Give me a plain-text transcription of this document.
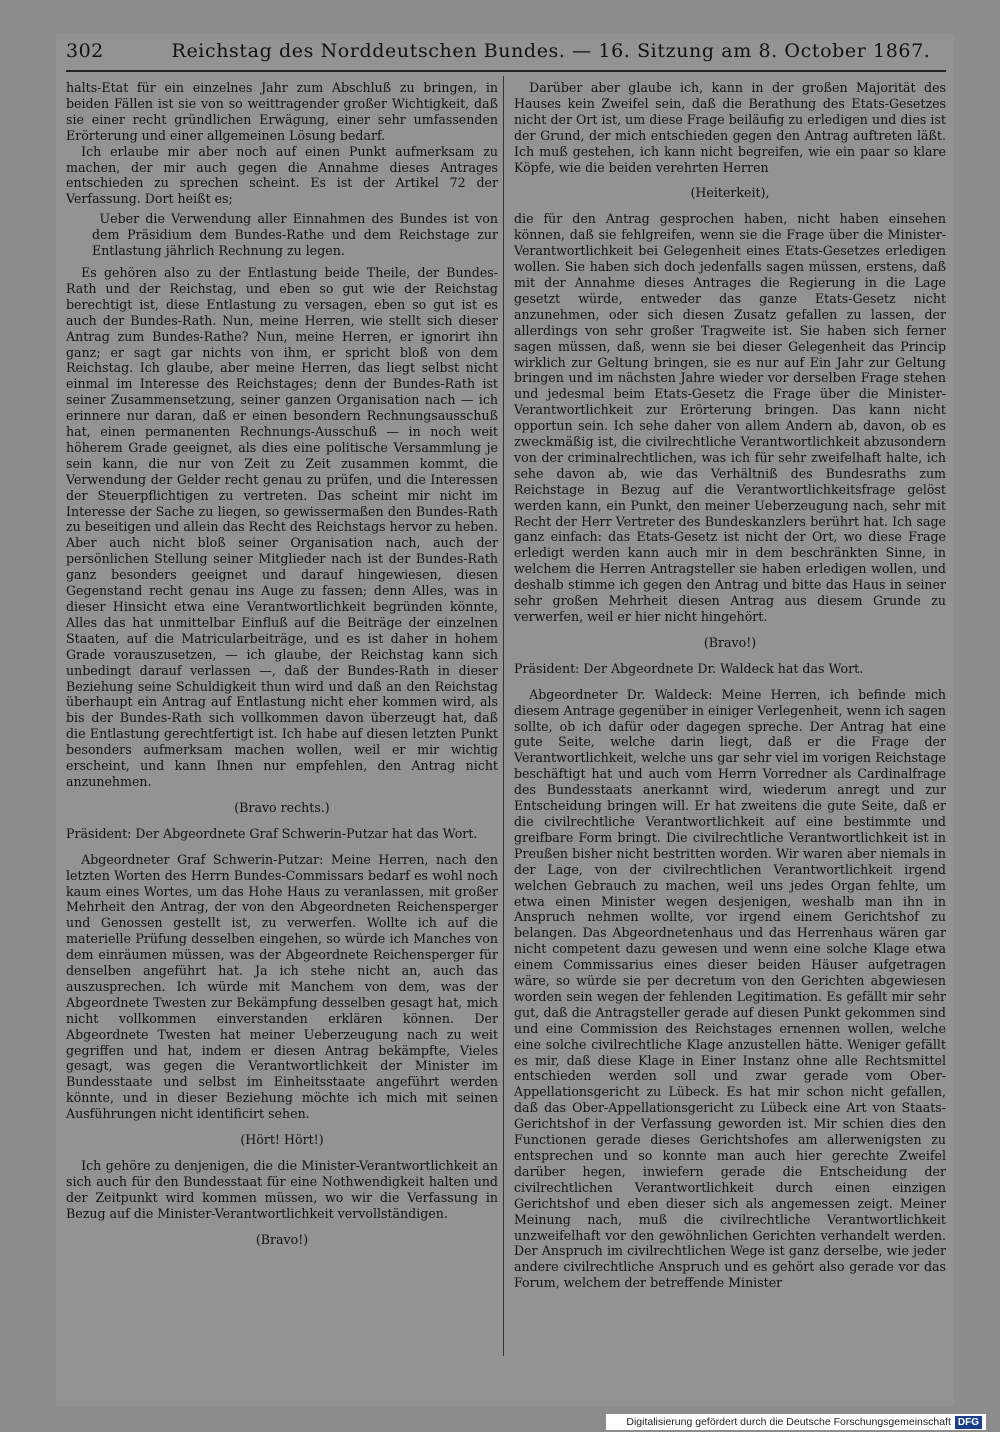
302	Reichstag des Norddeutschen Bundes. — 16. Sitzung am 8. October 1867.

halts-Etat für ein einzelnes Jahr zum Abschluß zu bringen, in beiden Fällen ist sie von so weittragender großer Wichtigkeit, daß sie einer recht gründlichen Erwägung, einer sehr umfassenden Erörterung und einer allgemeinen Lösung bedarf.

Ich erlaube mir aber noch auf einen Punkt aufmerksam zu machen, der mir auch gegen die Annahme dieses Antrages entschieden zu sprechen scheint. Es ist der Artikel 72 der Verfassung. Dort heißt es;

Ueber die Verwendung aller Einnahmen des Bundes ist von dem Präsidium dem Bundes-Rathe und dem Reichstage zur Entlastung jährlich Rechnung zu legen.

Es gehören also zu der Entlastung beide Theile, der Bundes-Rath und der Reichstag, und eben so gut wie der Reichstag berechtigt ist, diese Entlastung zu versagen, eben so gut ist es auch der Bundes-Rath. Nun, meine Herren, wie stellt sich dieser Antrag zum Bundes-Rathe? Nun, meine Herren, er ignorirt ihn ganz; er sagt gar nichts von ihm, er spricht bloß von dem Reichstag. Ich glaube, aber meine Herren, das liegt selbst nicht einmal im Interesse des Reichstages; denn der Bundes-Rath ist seiner Zusammensetzung, seiner ganzen Organisation nach — ich erinnere nur daran, daß er einen besondern Rechnungsausschuß hat, einen permanenten Rechnungs-Ausschuß — in noch weit höherem Grade geeignet, als dies eine politische Versammlung je sein kann, die nur von Zeit zu Zeit zusammen kommt, die Verwendung der Gelder recht genau zu prüfen, und die Interessen der Steuerpflichtigen zu vertreten. Das scheint mir nicht im Interesse der Sache zu liegen, so gewissermaßen den Bundes-Rath zu beseitigen und allein das Recht des Reichstags hervor zu heben. Aber auch nicht bloß seiner Organisation nach, auch der persönlichen Stellung seiner Mitglieder nach ist der Bundes-Rath ganz besonders geeignet und darauf hingewiesen, diesen Gegenstand recht genau ins Auge zu fassen; denn Alles, was in dieser Hinsicht etwa eine Verantwortlichkeit begründen könnte, Alles das hat unmittelbar Einfluß auf die Beiträge der einzelnen Staaten, auf die Matricularbeiträge, und es ist daher in hohem Grade vorauszusetzen, — ich glaube, der Reichstag kann sich unbedingt darauf verlassen —, daß der Bundes-Rath in dieser Beziehung seine Schuldigkeit thun wird und daß an den Reichstag überhaupt ein Antrag auf Entlastung nicht eher kommen wird, als bis der Bundes-Rath sich vollkommen davon überzeugt hat, daß die Entlastung gerechtfertigt ist. Ich habe auf diesen letzten Punkt besonders aufmerksam machen wollen, weil er mir wichtig erscheint, und kann Ihnen nur empfehlen, den Antrag nicht anzunehmen.

(Bravo rechts.)

Präsident: Der Abgeordnete Graf Schwerin-Putzar hat das Wort.

Abgeordneter Graf Schwerin-Putzar: Meine Herren, nach den letzten Worten des Herrn Bundes-Commissars bedarf es wohl noch kaum eines Wortes, um das Hohe Haus zu veranlassen, mit großer Mehrheit den Antrag, der von den Abgeordneten Reichensperger und Genossen gestellt ist, zu verwerfen. Wollte ich auf die materielle Prüfung desselben eingehen, so würde ich Manches von dem einräumen müssen, was der Abgeordnete Reichensperger für denselben angeführt hat. Ja ich stehe nicht an, auch das auszusprechen. Ich würde mit Manchem von dem, was der Abgeordnete Twesten zur Bekämpfung desselben gesagt hat, mich nicht vollkommen einverstanden erklären können. Der Abgeordnete Twesten hat meiner Ueberzeugung nach zu weit gegriffen und hat, indem er diesen Antrag bekämpfte, Vieles gesagt, was gegen die Verantwortlichkeit der Minister im Bundesstaate und selbst im Einheitsstaate angeführt werden könnte, und in dieser Beziehung möchte ich mich mit seinen Ausführungen nicht identificirt sehen.

(Hört! Hört!)

Ich gehöre zu denjenigen, die die Minister-Verantwortlichkeit an sich auch für den Bundesstaat für eine Nothwendigkeit halten und der Zeitpunkt wird kommen müssen, wo wir die Verfassung in Bezug auf die Minister-Verantwortlichkeit vervollständigen.

(Bravo!)

Darüber aber glaube ich, kann in der großen Majorität des Hauses kein Zweifel sein, daß die Berathung des Etats-Gesetzes nicht der Ort ist, um diese Frage beiläufig zu erledigen und dies ist der Grund, der mich entschieden gegen den Antrag auftreten läßt. Ich muß gestehen, ich kann nicht begreifen, wie ein paar so klare Köpfe, wie die beiden verehrten Herren

(Heiterkeit),

die für den Antrag gesprochen haben, nicht haben einsehen können, daß sie fehlgreifen, wenn sie die Frage über die Minister-Verantwortlichkeit bei Gelegenheit eines Etats-Gesetzes erledigen wollen. Sie haben sich doch jedenfalls sagen müssen, erstens, daß mit der Annahme dieses Antrages die Regierung in die Lage gesetzt würde, entweder das ganze Etats-Gesetz nicht anzunehmen, oder sich diesen Zusatz gefallen zu lassen, der allerdings von sehr großer Tragweite ist. Sie haben sich ferner sagen müssen, daß, wenn sie bei dieser Gelegenheit das Princip wirklich zur Geltung bringen, sie es nur auf Ein Jahr zur Geltung bringen und im nächsten Jahre wieder vor derselben Frage stehen und jedesmal beim Etats-Gesetz die Frage über die Minister-Verantwortlichkeit zur Erörterung bringen. Das kann nicht opportun sein. Ich sehe daher von allem Andern ab, davon, ob es zweckmäßig ist, die civilrechtliche Verantwortlichkeit abzusondern von der criminalrechtlichen, was ich für sehr zweifelhaft halte, ich sehe davon ab, wie das Verhältniß des Bundesraths zum Reichstage in Bezug auf die Verantwortlichkeitsfrage gelöst werden kann, ein Punkt, den meiner Ueberzeugung nach, sehr mit Recht der Herr Vertreter des Bundeskanzlers berührt hat. Ich sage ganz einfach: das Etats-Gesetz ist nicht der Ort, wo diese Frage erledigt werden kann auch mir in dem beschränkten Sinne, in welchem die Herren Antragsteller sie haben erledigen wollen, und deshalb stimme ich gegen den Antrag und bitte das Haus in seiner sehr großen Mehrheit diesen Antrag aus diesem Grunde zu verwerfen, weil er hier nicht hingehört.

(Bravo!)

Präsident: Der Abgeordnete Dr. Waldeck hat das Wort.

Abgeordneter Dr. Waldeck: Meine Herren, ich befinde mich diesem Antrage gegenüber in einiger Verlegenheit, wenn ich sagen sollte, ob ich dafür oder dagegen spreche. Der Antrag hat eine gute Seite, welche darin liegt, daß er die Frage der Verantwortlichkeit, welche uns gar sehr viel im vorigen Reichstage beschäftigt hat und auch vom Herrn Vorredner als Cardinalfrage des Bundesstaats anerkannt wird, wiederum anregt und zur Entscheidung bringen will. Er hat zweitens die gute Seite, daß er die civilrechtliche Verantwortlichkeit auf eine bestimmte und greifbare Form bringt. Die civilrechtliche Verantwortlichkeit ist in Preußen bisher nicht bestritten worden. Wir waren aber niemals in der Lage, von der civilrechtlichen Verantwortlichkeit irgend welchen Gebrauch zu machen, weil uns jedes Organ fehlte, um etwa einen Minister wegen desjenigen, weshalb man ihn in Anspruch nehmen wollte, vor irgend einem Gerichtshof zu belangen. Das Abgeordnetenhaus und das Herrenhaus wären gar nicht competent dazu gewesen und wenn eine solche Klage etwa einem Commissarius eines dieser beiden Häuser aufgetragen wäre, so würde sie per decretum von den Gerichten abgewiesen worden sein wegen der fehlenden Legitimation. Es gefällt mir sehr gut, daß die Antragsteller gerade auf diesen Punkt gekommen sind und eine Commission des Reichstages ernennen wollen, welche eine solche civilrechtliche Klage anzustellen hätte. Weniger gefällt es mir, daß diese Klage in Einer Instanz ohne alle Rechtsmittel entschieden werden soll und zwar gerade vom Ober-Appellationsgericht zu Lübeck. Es hat mir schon nicht gefallen, daß das Ober-Appellationsgericht zu Lübeck eine Art von Staats-Gerichtshof in der Verfassung geworden ist. Mir schien dies den Functionen gerade dieses Gerichtshofes am allerwenigsten zu entsprechen und so konnte man auch hier gerechte Zweifel darüber hegen, inwiefern gerade die Entscheidung der civilrechtlichen Verantwortlichkeit durch einen einzigen Gerichtshof und eben dieser sich als angemessen zeigt. Meiner Meinung nach, muß die civilrechtliche Verantwortlichkeit unzweifelhaft vor den gewöhnlichen Gerichten verhandelt werden. Der Anspruch im civilrechtlichen Wege ist ganz derselbe, wie jeder andere civilrechtliche Anspruch und es gehört also gerade vor das Forum, welchem der betreffende Minister

Digitalisierung gefördert durch die Deutsche Forschungsgemeinschaft DFG
